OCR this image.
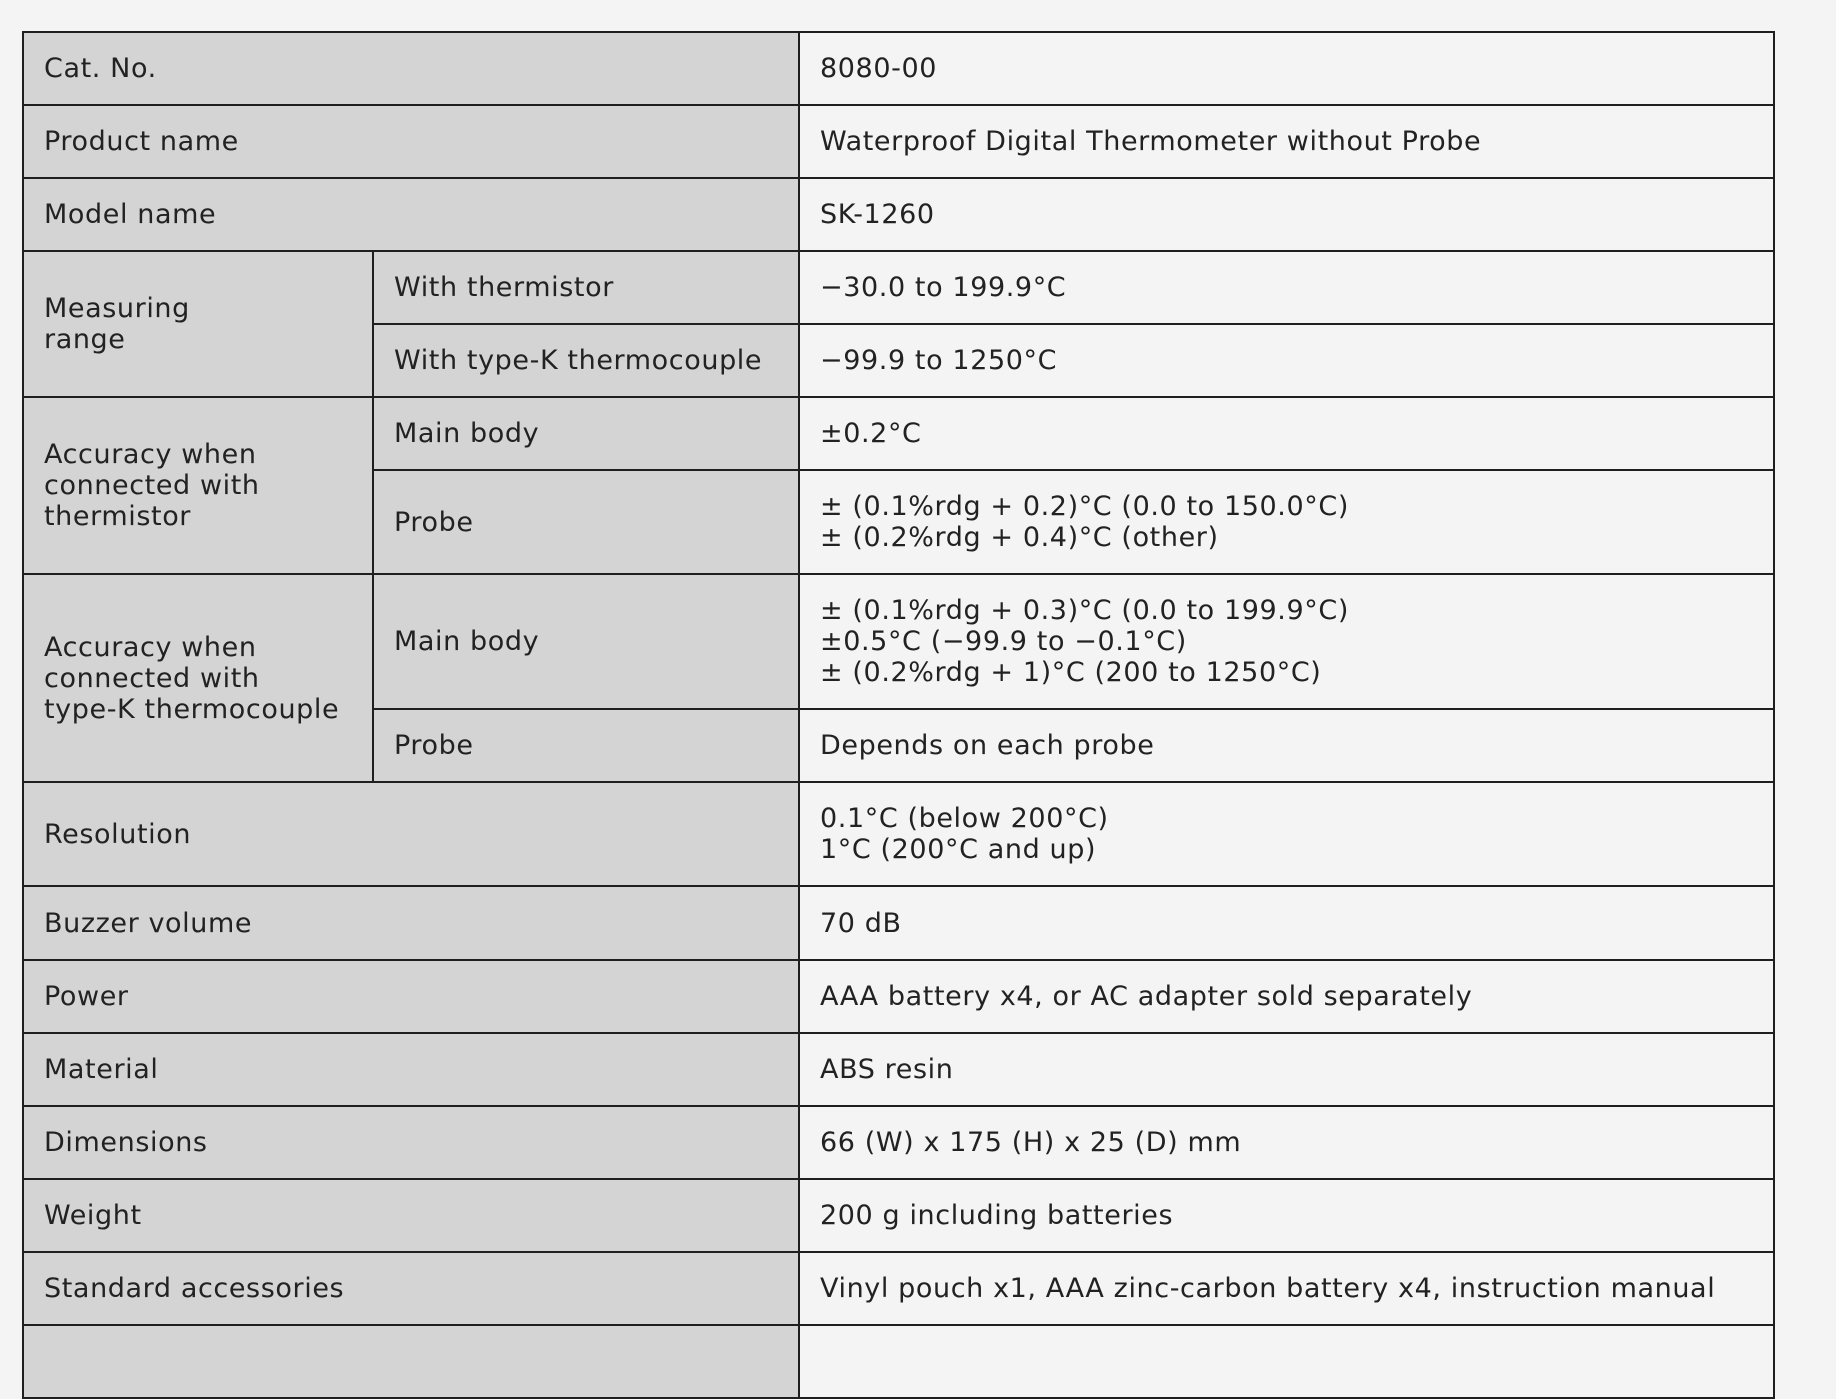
Cat. No.		8080-00
Product name		Waterproof Digital Thermometer without Probe
Model name		SK-1260

Measuring
range	With thermistor	−30.0 to 199.9°C
	With type-K thermocouple	−99.9 to 1250°C

Accuracy when
connected with
thermistor	Main body	±0.2°C
	Probe	± (0.1%rdg + 0.2)°C (0.0 to 150.0°C)
± (0.2%rdg + 0.4)°C (other)

Accuracy when
connected with
type-K thermocouple	Main body	± (0.1%rdg + 0.3)°C (0.0 to 199.9°C)
±0.5°C (−99.9 to −0.1°C)
± (0.2%rdg + 1)°C (200 to 1250°C)

	Probe	Depends on each probe
Resolution		0.1°C (below 200°C)
1°C (200°C and up)

Buzzer volume		70 dB
Power		AAA battery x4, or AC adapter sold separately
Material		ABS resin
Dimensions		66 (W) x 175 (H) x 25 (D) mm
Weight		200 g including batteries
Standard accessories		Vinyl pouch x1, AAA zinc-carbon battery x4, instruction manual
